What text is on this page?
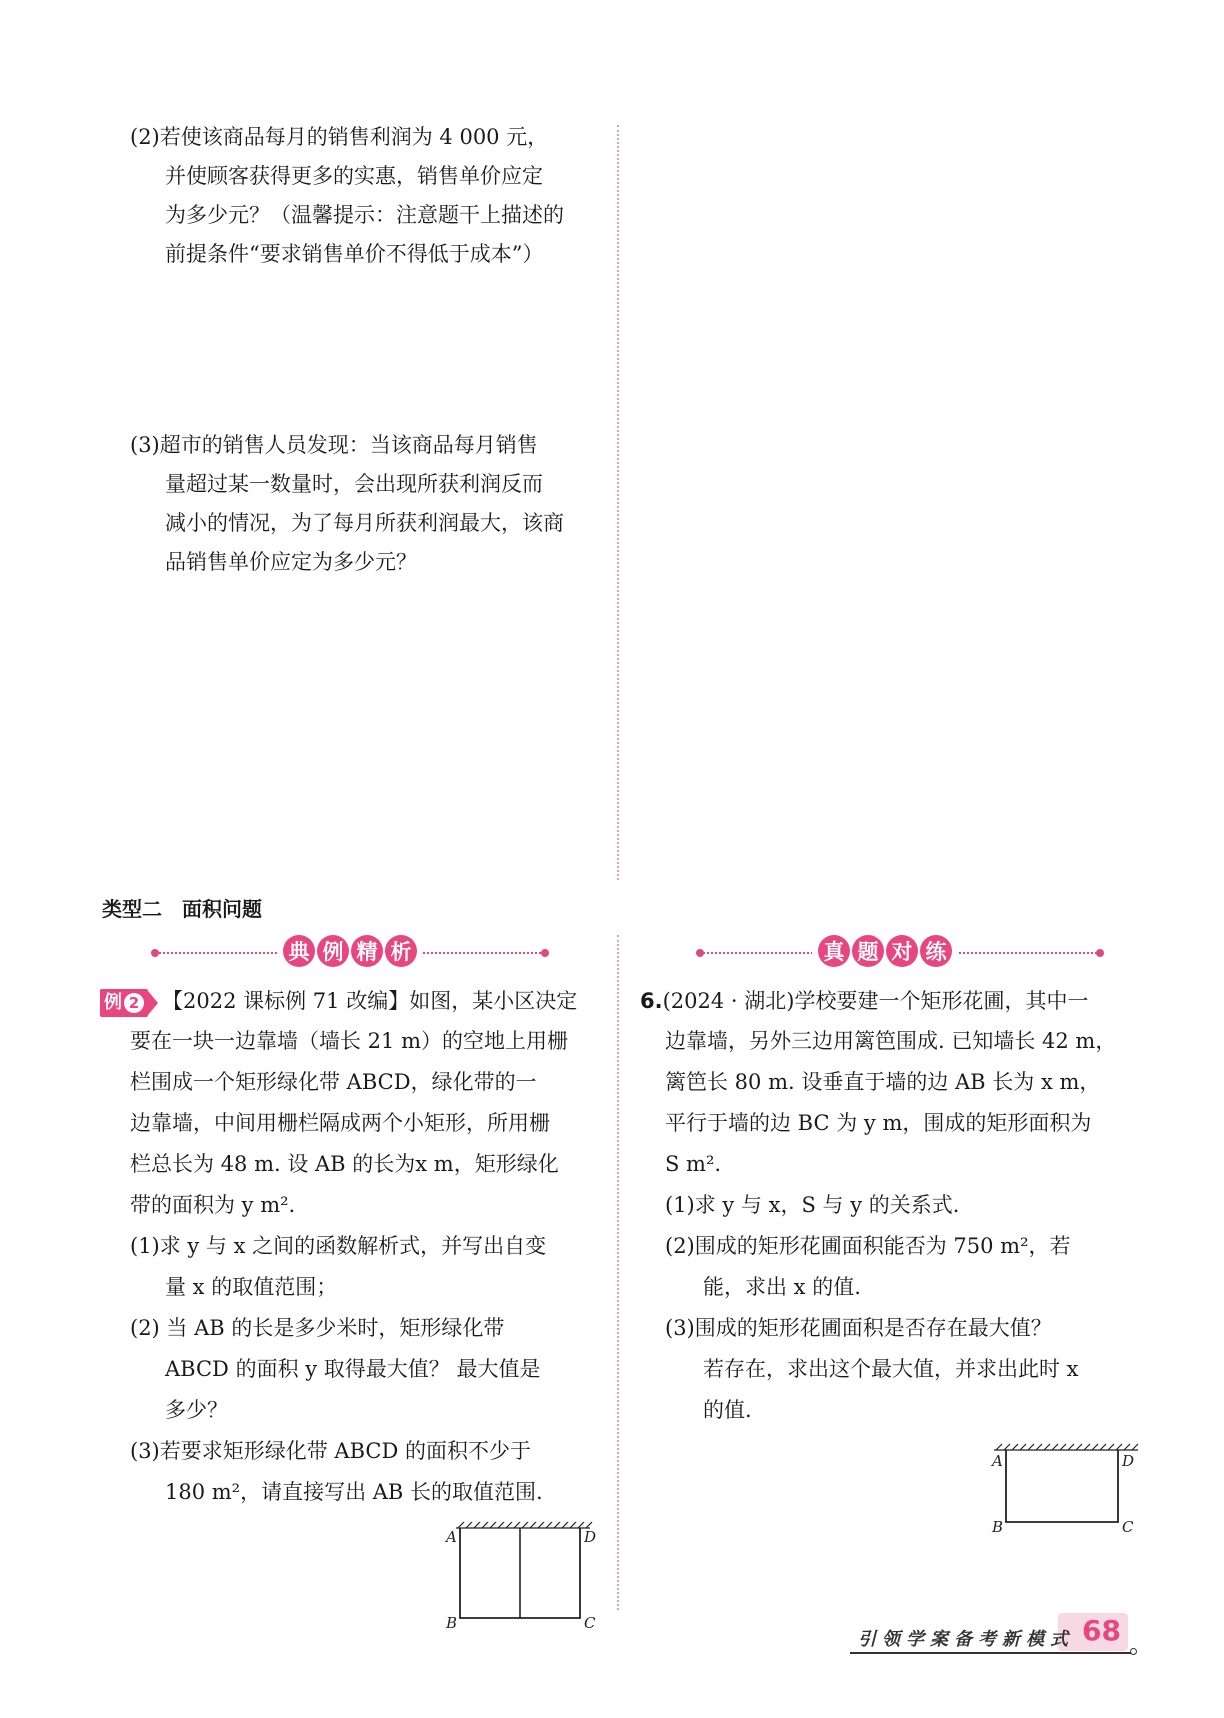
(2)若使该商品每月的销售利润为 4 000 元，
并使顾客获得更多的实惠，销售单价应定
为多少元？（温馨提示：注意题干上描述的
前提条件“要求销售单价不得低于成本”）
(3)超市的销售人员发现：当该商品每月销售
量超过某一数量时，会出现所获利润反而
减小的情况，为了每月所获利润最大，该商
品销售单价应定为多少元？
类型二　面积问题
典 例 精 析	真 题 对 练
例 2 【2022 课标例 71 改编】如图，某小区决定
要在一块一边靠墙（墙长 21 m）的空地上用栅
栏围成一个矩形绿化带 ABCD，绿化带的一
边靠墙，中间用栅栏隔成两个小矩形，所用栅
栏总长为 48 m. 设 AB 的长为x m，矩形绿化
带的面积为 y m².
(1)求 y 与 x 之间的函数解析式，并写出自变
量 x 的取值范围；
(2) 当 AB 的长是多少米时，矩形绿化带
ABCD 的面积 y 取得最大值？ 最大值是
多少？
(3)若要求矩形绿化带 ABCD 的面积不少于
180 m²，请直接写出 AB 长的取值范围.
A	D
B	C
6.(2024 · 湖北)学校要建一个矩形花圃，其中一
边靠墙，另外三边用篱笆围成. 已知墙长 42 m，
篱笆长 80 m. 设垂直于墙的边 AB 长为 x m，
平行于墙的边 BC 为 y m，围成的矩形面积为
S m².
(1)求 y 与 x，S 与 y 的关系式.
(2)围成的矩形花圃面积能否为 750 m²，若
能，求出 x 的值.
(3)围成的矩形花圃面积是否存在最大值？
若存在，求出这个最大值，并求出此时 x
的值.
A	D
B	C
引领学案备考新模式 68
